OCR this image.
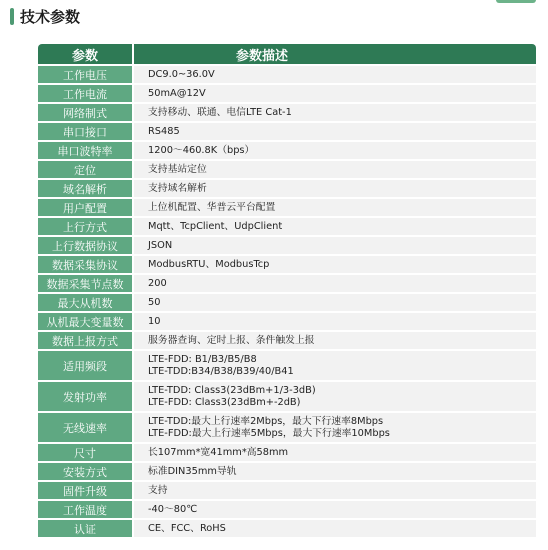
技术参数
参数	参数描述
工作电压	DC9.0~36.0V

工作电流	50mA@12V

网络制式	支持移动、联通、电信LTE Cat-1

串口接口	RS485

串口波特率	1200～460.8K（bps）

定位	支持基站定位

域名解析	支持域名解析

用户配置	上位机配置、华普云平台配置

上行方式	Mqtt、TcpClient、UdpClient

上行数据协议	JSON

数据采集协议	ModbusRTU、ModbusTcp

数据采集节点数	200

最大从机数	50

从机最大变量数	10

数据上报方式	服务器查询、定时上报、条件触发上报

适用频段	LTE-FDD: B1/B3/B5/B8
LTE-TDD:B34/B38/B39/40/B41

发射功率	LTE-TDD: Class3(23dBm+1/3-3dB)
LTE-FDD: Class3(23dBm+-2dB)

无线速率	LTE-TDD:最大上行速率2Mbps，最大下行速率8Mbps
LTE-FDD:最大上行速率5Mbps，最大下行速率10Mbps

尺寸	长107mm*宽41mm*高58mm

安装方式	标准DIN35mm导轨

固件升级	支持

工作温度	-40～80℃

认证	CE、FCC、RoHS
